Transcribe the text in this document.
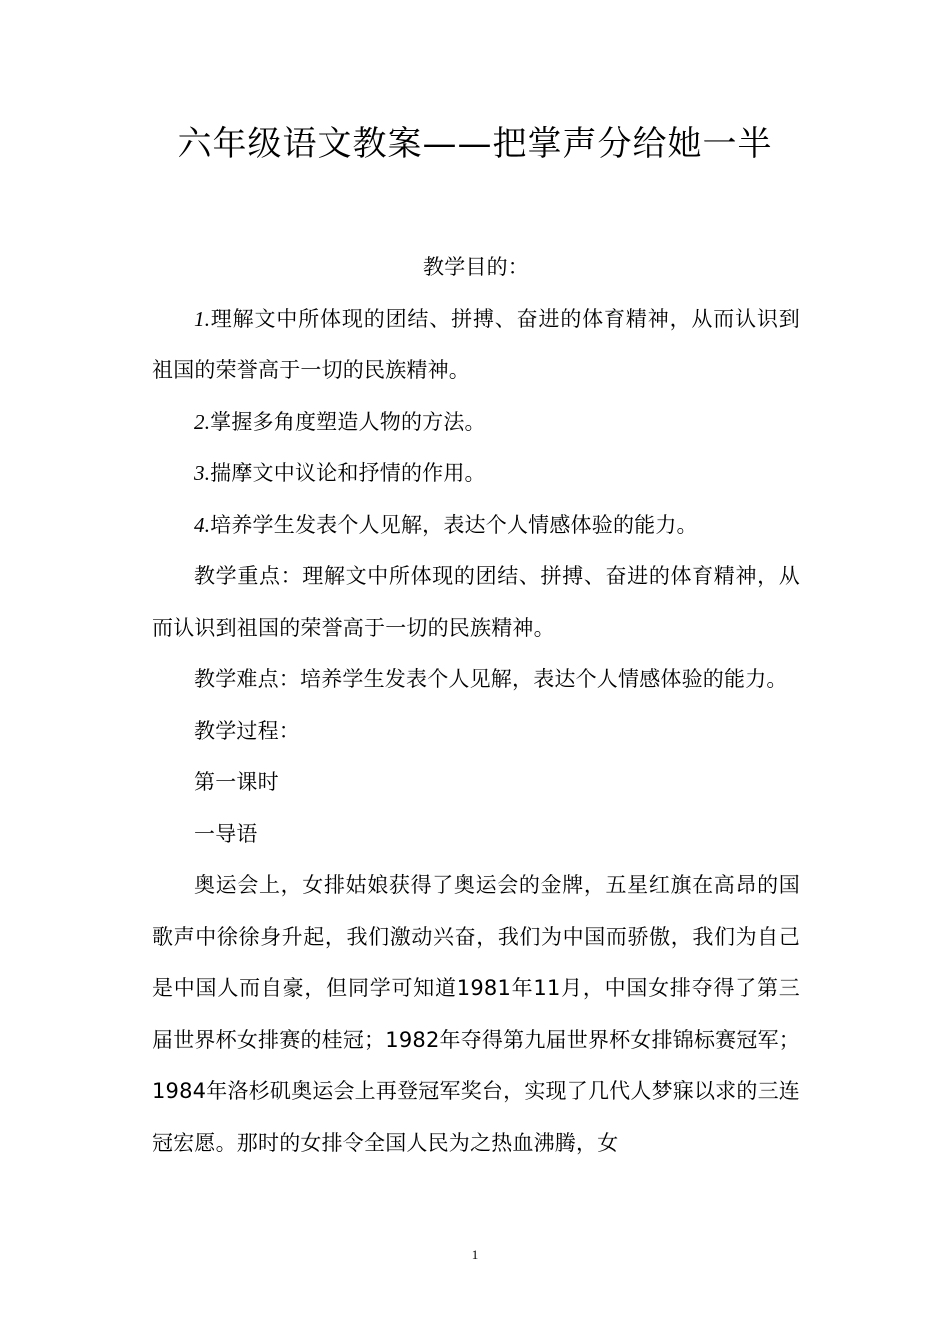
六年级语文教案——把掌声分给她一半

教学目的：

1.理解文中所体现的团结、拼搏、奋进的体育精神，从而认识到祖国的荣誉高于一切的民族精神。

2.掌握多角度塑造人物的方法。

3.揣摩文中议论和抒情的作用。

4.培养学生发表个人见解，表达个人情感体验的能力。

教学重点：理解文中所体现的团结、拼搏、奋进的体育精神，从而认识到祖国的荣誉高于一切的民族精神。

教学难点：培养学生发表个人见解，表达个人情感体验的能力。

教学过程：

第一课时

一导语

奥运会上，女排姑娘获得了奥运会的金牌，五星红旗在高昂的国歌声中徐徐身升起，我们激动兴奋，我们为中国而骄傲，我们为自己是中国人而自豪，但同学可知道1981年11月，中国女排夺得了第三届世界杯女排赛的桂冠；1982年夺得第九届世界杯女排锦标赛冠军；1984年洛杉矶奥运会上再登冠军奖台，实现了几代人梦寐以求的三连冠宏愿。那时的女排令全国人民为之热血沸腾，女

1
